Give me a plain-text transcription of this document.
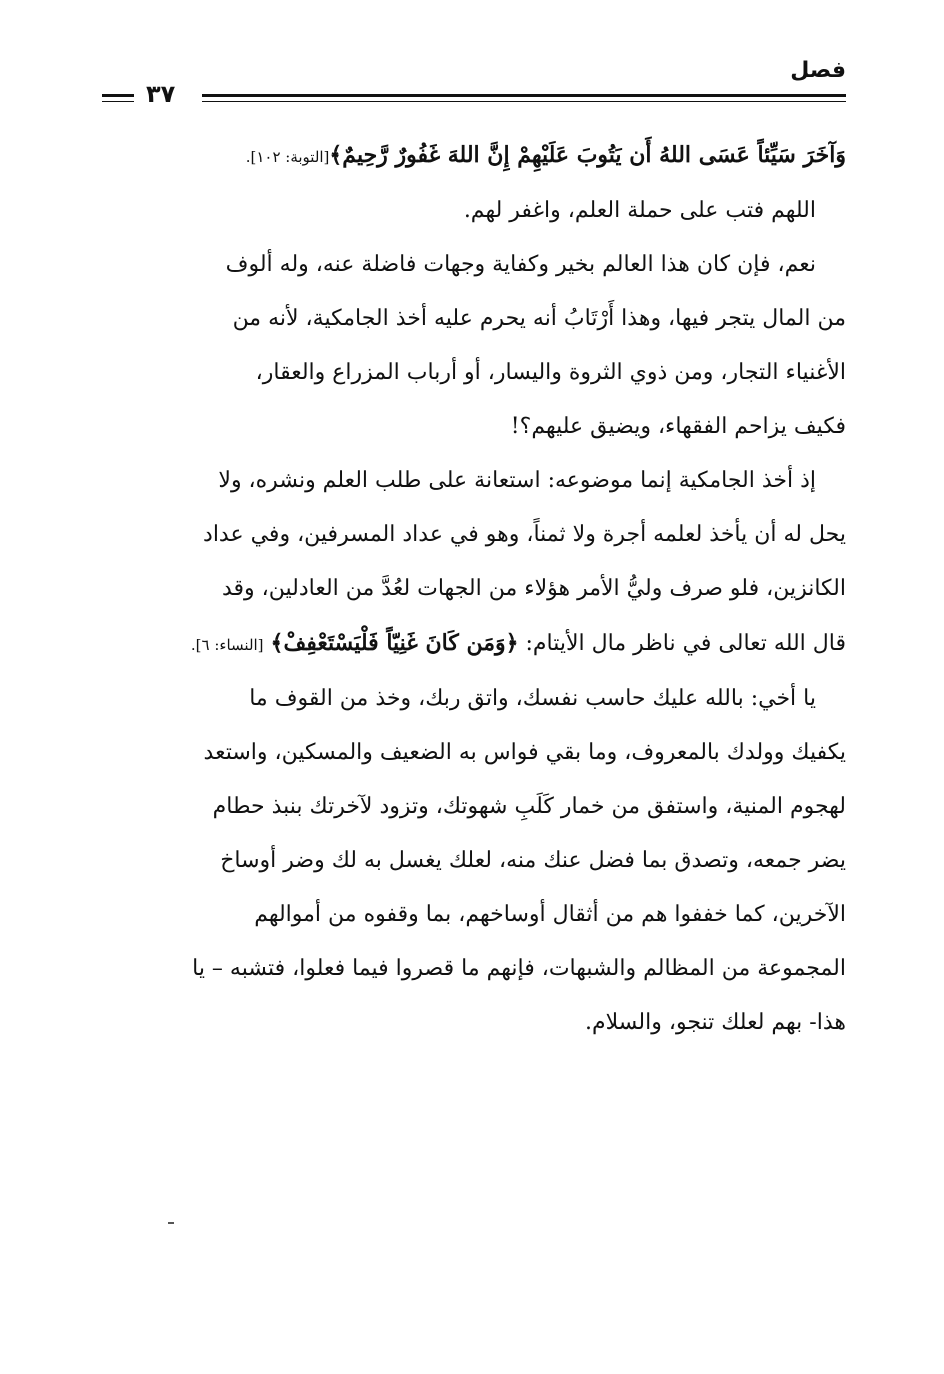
فصل
٣٧
وَآخَرَ سَيِّئاً عَسَى اللهُ أَن يَتُوبَ عَلَيْهِمْ إِنَّ اللهَ غَفُورٌ رَّحِيمٌ﴾[التوبة: ١٠٢].
اللهم فتب على حملة العلم، واغفر لهم.
نعم، فإن كان هذا العالم بخير وكفاية وجهات فاضلة عنه، وله ألوف
من المال يتجر فيها، وهذا أَرْتَابُ أنه يحرم عليه أخذ الجامكية، لأنه من
الأغنياء التجار، ومن ذوي الثروة واليسار، أو أرباب المزراع والعقار،
فكيف يزاحم الفقهاء، ويضيق عليهم؟!
إذ أخذ الجامكية إنما موضوعه: استعانة على طلب العلم ونشره، ولا
يحل له أن يأخذ لعلمه أجرة ولا ثمناً، وهو في عداد المسرفين، وفي عداد
الكانزين، فلو صرف وليُّ الأمر هؤلاء من الجهات لعُدَّ من العادلين، وقد
قال الله تعالى في ناظر مال الأيتام: ﴿وَمَن كَانَ غَنِيّاً فَلْيَسْتَعْفِفْ﴾ [النساء: ٦].
يا أخي: بالله عليك حاسب نفسك، واتق ربك، وخذ من القوف ما
يكفيك وولدك بالمعروف، وما بقي فواس به الضعيف والمسكين، واستعد
لهجوم المنية، واستفق من خمار كَلَبِ شهوتك، وتزود لآخرتك بنبذ حطام
يضر جمعه، وتصدق بما فضل عنك منه، لعلك يغسل به لك وضر أوساخ
الآخرين، كما خففوا هم من أثقال أوساخهم، بما وقفوه من أموالهم
المجموعة من المظالم والشبهات، فإنهم ما قصروا فيما فعلوا، فتشبه – يا
هذا- بهم لعلك تنجو، والسلام.
